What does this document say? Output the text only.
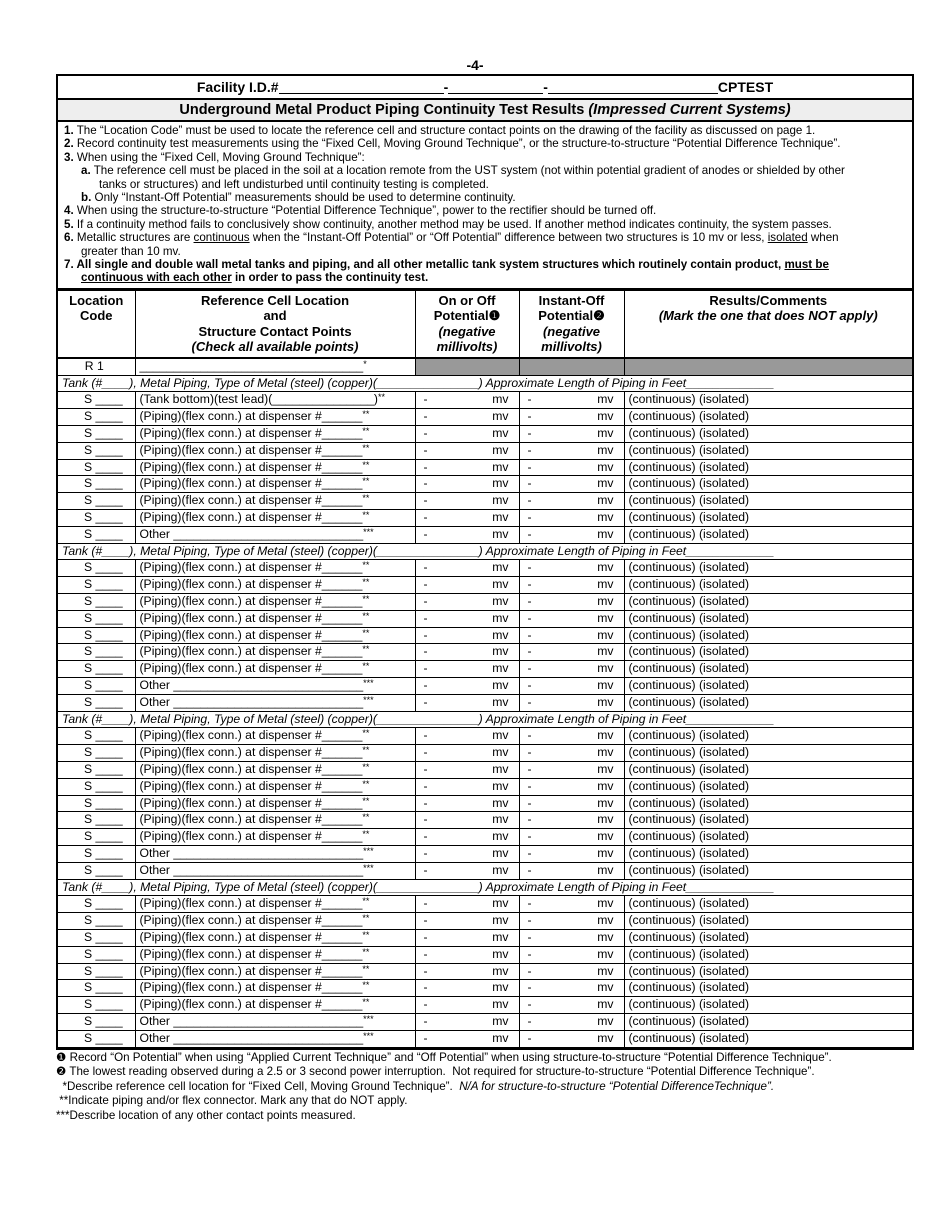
-4-
Facility I.D.#	-	-	CPTEST
Underground Metal Product Piping Continuity Test Results (Impressed Current Systems)
1. The “Location Code” must be used to locate the reference cell and structure contact points on the drawing of the facility as discussed on page 1.
2. Record continuity test measurements using the “Fixed Cell, Moving Ground Technique”, or the structure-to-structure “Potential Difference Technique”.
3. When using the “Fixed Cell, Moving Ground Technique”:
a. The reference cell must be placed in the soil at a location remote from the UST system (not within potential gradient of anodes or shielded by other
tanks or structures) and left undisturbed until continuity testing is completed.
b. Only “Instant-Off Potential” measurements should be used to determine continuity.
4. When using the structure-to-structure “Potential Difference Technique”, power to the rectifier should be turned off.
5. If a continuity method fails to conclusively show continuity, another method may be used. If another method indicates continuity, the system passes.
6. Metallic structures are continuous when the “Instant-Off Potential” or “Off Potential” difference between two structures is 10 mv or less, isolated when
greater than 10 mv.
7. All single and double wall metal tanks and piping, and all other metallic tank system structures which routinely contain product, must be
continuous with each other in order to pass the continuity test.
Location
Code

Reference Cell Location
and
Structure Contact Points
(Check all available points)

On or Off
Potential❶
(negative
millivolts)

Instant-Off
Potential❷
(negative
millivolts)

Results/Comments
(Mark the one that does NOT apply)

R 1	_________________________________*			
Tank (#____), Metal Piping, Type of Metal (steel) (copper)(_______________) Approximate Length of Piping in Feet_____________				
S ____	(Tank bottom)(test lead)(_______________)**	- mv	- mv	(continuous) (isolated)
S ____	(Piping)(flex conn.) at dispenser #______**	- mv	- mv	(continuous) (isolated)
S ____	(Piping)(flex conn.) at dispenser #______**	- mv	- mv	(continuous) (isolated)
S ____	(Piping)(flex conn.) at dispenser #______**	- mv	- mv	(continuous) (isolated)
S ____	(Piping)(flex conn.) at dispenser #______**	- mv	- mv	(continuous) (isolated)
S ____	(Piping)(flex conn.) at dispenser #______**	- mv	- mv	(continuous) (isolated)
S ____	(Piping)(flex conn.) at dispenser #______**	- mv	- mv	(continuous) (isolated)
S ____	(Piping)(flex conn.) at dispenser #______**	- mv	- mv	(continuous) (isolated)
S ____	Other ____________________________***	- mv	- mv	(continuous) (isolated)
Tank (#____), Metal Piping, Type of Metal (steel) (copper)(_______________) Approximate Length of Piping in Feet_____________				
S ____	(Piping)(flex conn.) at dispenser #______**	- mv	- mv	(continuous) (isolated)
S ____	(Piping)(flex conn.) at dispenser #______**	- mv	- mv	(continuous) (isolated)
S ____	(Piping)(flex conn.) at dispenser #______**	- mv	- mv	(continuous) (isolated)
S ____	(Piping)(flex conn.) at dispenser #______**	- mv	- mv	(continuous) (isolated)
S ____	(Piping)(flex conn.) at dispenser #______**	- mv	- mv	(continuous) (isolated)
S ____	(Piping)(flex conn.) at dispenser #______**	- mv	- mv	(continuous) (isolated)
S ____	(Piping)(flex conn.) at dispenser #______**	- mv	- mv	(continuous) (isolated)
S ____	Other ____________________________***	- mv	- mv	(continuous) (isolated)
S ____	Other ____________________________***	- mv	- mv	(continuous) (isolated)
Tank (#____), Metal Piping, Type of Metal (steel) (copper)(_______________) Approximate Length of Piping in Feet_____________				
S ____	(Piping)(flex conn.) at dispenser #______**	- mv	- mv	(continuous) (isolated)
S ____	(Piping)(flex conn.) at dispenser #______**	- mv	- mv	(continuous) (isolated)
S ____	(Piping)(flex conn.) at dispenser #______**	- mv	- mv	(continuous) (isolated)
S ____	(Piping)(flex conn.) at dispenser #______**	- mv	- mv	(continuous) (isolated)
S ____	(Piping)(flex conn.) at dispenser #______**	- mv	- mv	(continuous) (isolated)
S ____	(Piping)(flex conn.) at dispenser #______**	- mv	- mv	(continuous) (isolated)
S ____	(Piping)(flex conn.) at dispenser #______**	- mv	- mv	(continuous) (isolated)
S ____	Other ____________________________***	- mv	- mv	(continuous) (isolated)
S ____	Other ____________________________***	- mv	- mv	(continuous) (isolated)
Tank (#____), Metal Piping, Type of Metal (steel) (copper)(_______________) Approximate Length of Piping in Feet_____________				
S ____	(Piping)(flex conn.) at dispenser #______**	- mv	- mv	(continuous) (isolated)
S ____	(Piping)(flex conn.) at dispenser #______**	- mv	- mv	(continuous) (isolated)
S ____	(Piping)(flex conn.) at dispenser #______**	- mv	- mv	(continuous) (isolated)
S ____	(Piping)(flex conn.) at dispenser #______**	- mv	- mv	(continuous) (isolated)
S ____	(Piping)(flex conn.) at dispenser #______**	- mv	- mv	(continuous) (isolated)
S ____	(Piping)(flex conn.) at dispenser #______**	- mv	- mv	(continuous) (isolated)
S ____	(Piping)(flex conn.) at dispenser #______**	- mv	- mv	(continuous) (isolated)
S ____	Other ____________________________***	- mv	- mv	(continuous) (isolated)
S ____	Other ____________________________***	- mv	- mv	(continuous) (isolated)
❶ Record “On Potential” when using “Applied Current Technique” and “Off Potential” when using structure-to-structure “Potential Difference Technique”.
❷ The lowest reading observed during a 2.5 or 3 second power interruption.  Not required for structure-to-structure “Potential Difference Technique”.
*Describe reference cell location for “Fixed Cell, Moving Ground Technique”.  N/A for structure-to-structure “Potential DifferenceTechnique”.
**Indicate piping and/or flex connector. Mark any that do NOT apply.
***Describe location of any other contact points measured.
